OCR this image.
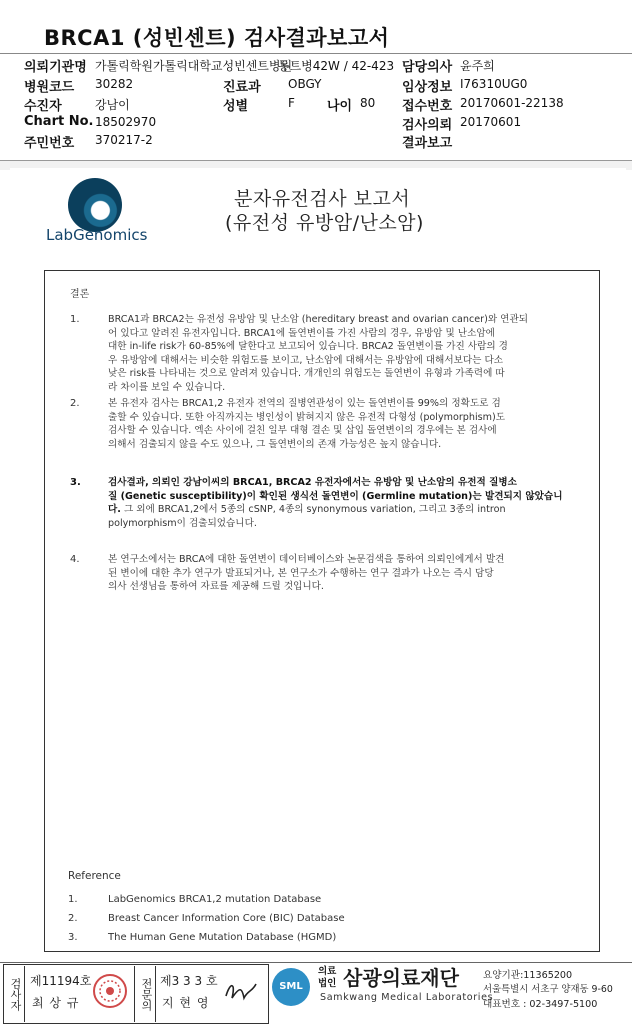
BRCA1 (성빈센트) 검사결과보고서
의뢰기관명 가톨릭학원가톨릭대학교성빈센트병원
동트병42W / 42-423 담당의사 윤주희
병원코드 30282	진료과 OBGY	임상정보 I76310UG0
수진자	강남이	성별	F 나이 80 접수번호 20170601-22138
Chart No. 18502970	검사의뢰 20170601
주민번호 370217-2	결과보고
LabGenomics
분자유전검사 보고서
(유전성 유방암/난소암)
결론
1.	BRCA1과 BRCA2는 유전성 유방암 및 난소암 (hereditary breast and ovarian cancer)와 연관되
어 있다고 알려진 유전자입니다. BRCA1에 돌연변이를 가진 사람의 경우, 유방암 및 난소암에
대한 in-life risk가 60-85%에 달한다고 보고되어 있습니다. BRCA2 돌연변이를 가진 사람의 경
우 유방암에 대해서는 비슷한 위험도를 보이고, 난소암에 대해서는 유방암에 대해서보다는 다소
낮은 risk를 나타내는 것으로 알려져 있습니다. 개개인의 위험도는 돌연변이 유형과 가족력에 따
라 차이를 보일 수 있습니다.
2.	본 유전자 검사는 BRCA1,2 유전자 전역의 질병연관성이 있는 돌연변이를 99%의 정확도로 검
출할 수 있습니다. 또한 아직까지는 병인성이 밝혀지지 않은 유전적 다형성 (polymorphism)도
검사할 수 있습니다. 엑손 사이에 걸친 일부 대형 결손 및 삽입 돌연변이의 경우에는 본 검사에
의해서 검출되지 않을 수도 있으나, 그 돌연변이의 존재 가능성은 높지 않습니다.
3.	검사결과, 의뢰인 강남이씨의 BRCA1, BRCA2 유전자에서는 유방암 및 난소암의 유전적 질병소
질 (Genetic susceptibility)이 확인된 생식선 돌연변이 (Germline mutation)는 발견되지 않았습니
다. 그 외에 BRCA1,2에서 5종의 cSNP, 4종의 synonymous variation, 그리고 3종의 intron
polymorphism이 검출되었습니다.
4.	본 연구소에서는 BRCA에 대한 돌연변이 데이터베이스와 논문검색을 통하여 의뢰인에게서 발견
된 변이에 대한 추가 연구가 발표되거나, 본 연구소가 수행하는 연구 결과가 나오는 즉시 담당
의사 선생님을 통하여 자료를 제공해 드릴 것입니다.
Reference
1.	LabGenomics BRCA1,2 mutation Database
2.	Breast Cancer Information Core (BIC) Database
3.	The Human Gene Mutation Database (HGMD)
검사자 제11194호
최 상 규	전문의 제3 3 3 호
지 현 영
SML
의료법인 삼광의료재단
Samkwang Medical Laboratories
요양기관:11365200
서울특별시 서초구 양재동 9-60
대표번호 : 02-3497-5100
